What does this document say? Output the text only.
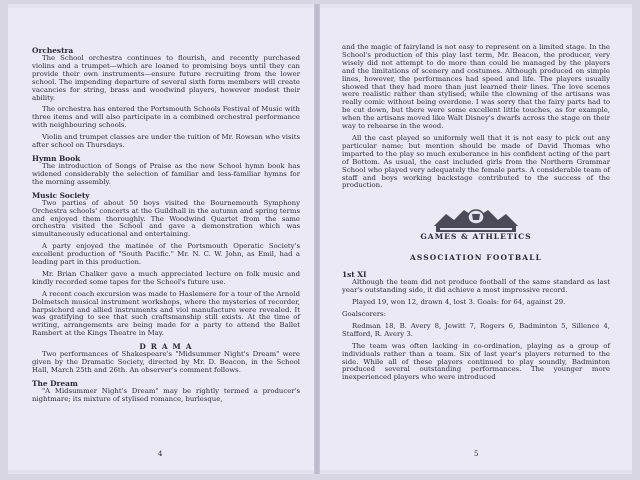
Orchestra

The School orchestra continues to flourish, and recently purchased violins and a trumpet—which are loaned to promising boys until they can provide their own instruments—ensure future recruiting from the lower school. The impending departure of several sixth form members will create vacancies for string, brass and woodwind players, however modest their ability.

The orchestra has entered the Portsmouth Schools Festival of Music with three items and will also participate in a combined orchestral performance with neighbouring schools.

Violin and trumpet classes are under the tuition of Mr. Rowsan who visits after school on Thursdays.

Hymn Book

The introduction of Songs of Praise as the new School hymn book has widened considerably the selection of familiar and less-familiar hymns for the morning assembly.

Music Society

Two parties of about 50 boys visited the Bournemouth Symphony Orchestra schools' concerts at the Guildhall in the autumn and spring terms and enjoyed them thoroughly. The Woodwind Quartet from the same orchestra visited the School and gave a demonstration which was simultaneously educational and entertaining.

A party enjoyed the matinée of the Portsmouth Operatic Society's excellent production of "South Pacific." Mr. N. C. W. John, as Emil, had a leading part in this production.

Mr. Brian Chalker gave a much appreciated lecture on folk music and kindly recorded some tapes for the School's future use.

A recent coach excursion was made to Haslemere for a tour of the Arnold Dolmetsch musical instrument workshops, where the mysteries of recorder, harpsichord and allied instruments and viol manufacture were revealed. It was gratifying to see that such craftsmanship still exists. At the time of writing, arrangements are being made for a party to attend the Ballet Rambert at the Kings Theatre in May.

D R A M A

Two performances of Shakespeare's "Midsummer Night's Dream" were given by the Dramatic Society, directed by Mr. D. Beacon, in the School Hall, March 25th and 26th. An observer's comment follows.

The Dream

"A Midsummer Night's Dream" may be rightly termed a producer's nightmare; its mixture of stylised romance, burlesque,

4

and the magic of fairyland is not easy to represent on a limited stage. In the School's production of this play last term, Mr. Beacon, the producer, very wisely did not attempt to do more than could be managed by the players and the limitations of scenery and costumes. Although produced on simple lines, however, the performances had speed and life. The players usually showed that they had more than just learned their lines. The love scenes were realistic rather than stylised; while the clowning of the artisans was really comic without being overdone. I was sorry that the fairy parts had to be cut down, but there were some excellent little touches, as for example, when the artisans moved like Walt Disney's dwarfs across the stage on their way to rehearse in the wood.

All the cast played so uniformly well that it is not easy to pick out any particular name; but mention should be made of David Thomas who imparted to the play so much exuberance in his confident acting of the part of Bottom. As usual, the cast included girls from the Northern Grammar School who played very adequately the female parts. A considerable team of staff and boys working backstage contributed to the success of the production.

GAMES & ATHLETICS
ASSOCIATION FOOTBALL
1st XI

Although the team did not produce football of the same standard as last year's outstanding side, it did achieve a most impressive record.

Played 19, won 12, drawn 4, lost 3. Goals: for 64, against 29.

Goalscorers:

Redman 18, B. Avery 8, Jewitt 7, Rogers 6, Badminton 5, Sillence 4, Stafford, R. Avery 3.

The team was often lacking in co-ordination, playing as a group of individuals rather than a team. Six of last year's players returned to the side. While all of these players continued to play soundly, Badminton produced several outstanding performances. The younger more inexperienced players who were introduced

5
